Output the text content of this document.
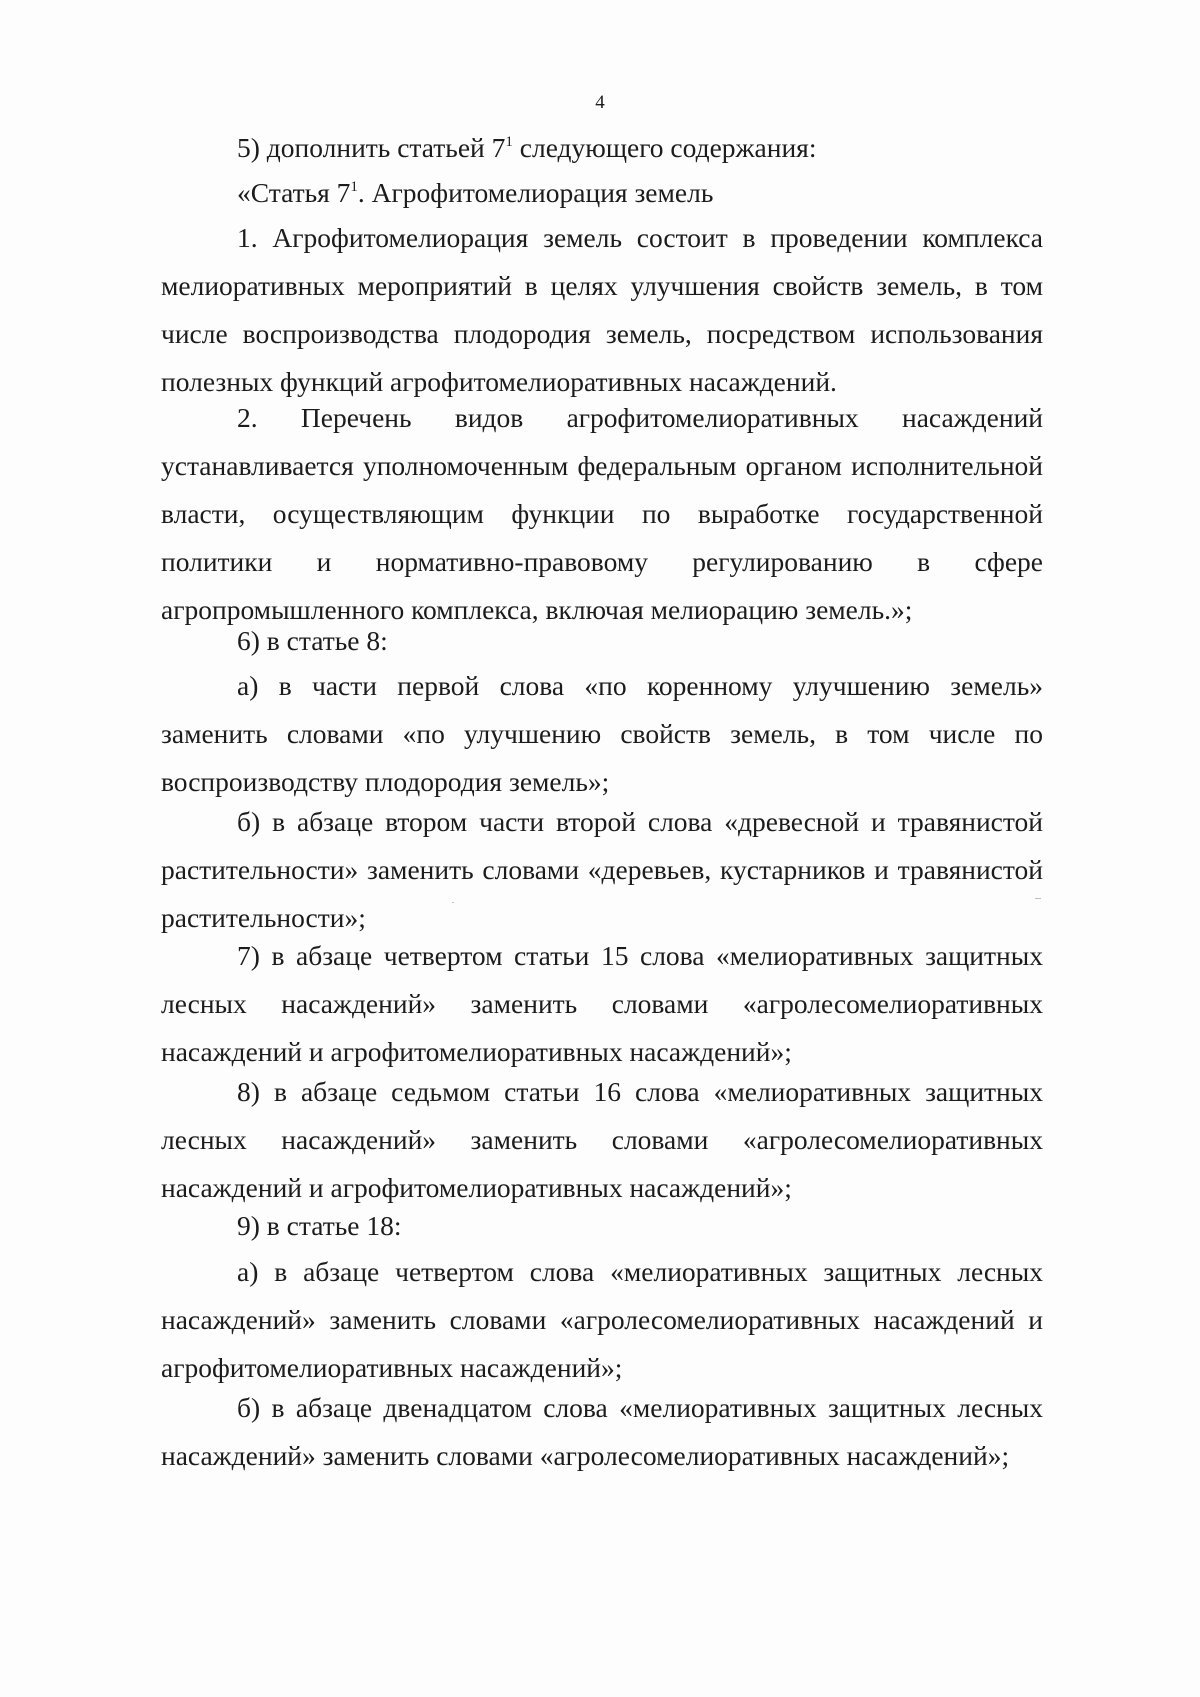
4

5) дополнить статьей $7^1$ следующего содержания:

«Статья $7^1$. Агрофитомелиорация земель

1. Агрофитомелиорация земель состоит в проведении комплекса мелиоративных мероприятий в целях улучшения свойств земель, в том числе воспроизводства плодородия земель, посредством использования полезных функций агрофитомелиоративных насаждений.

2. Перечень видов агрофитомелиоративных насаждений устанавливается уполномоченным федеральным органом исполнительной власти, осуществляющим функции по выработке государственной политики и нормативно-правовому регулированию в сфере агропромышленного комплекса, включая мелиорацию земель.»;

6) в статье 8:

а) в части первой слова «по коренному улучшению земель» заменить словами «по улучшению свойств земель, в том числе по воспроизводству плодородия земель»;

б) в абзаце втором части второй слова «древесной и травянистой растительности» заменить словами «деревьев, кустарников и травянистой растительности»;

7) в абзаце четвертом статьи 15 слова «мелиоративных защитных лесных насаждений» заменить словами «агролесомелиоративных насаждений и агрофитомелиоративных насаждений»;

8) в абзаце седьмом статьи 16 слова «мелиоративных защитных лесных насаждений» заменить словами «агролесомелиоративных насаждений и агрофитомелиоративных насаждений»;

9) в статье 18:

а) в абзаце четвертом слова «мелиоративных защитных лесных насаждений» заменить словами «агролесомелиоративных насаждений и агрофитомелиоративных насаждений»;

б) в абзаце двенадцатом слова «мелиоративных защитных лесных насаждений» заменить словами «агролесомелиоративных насаждений»;
